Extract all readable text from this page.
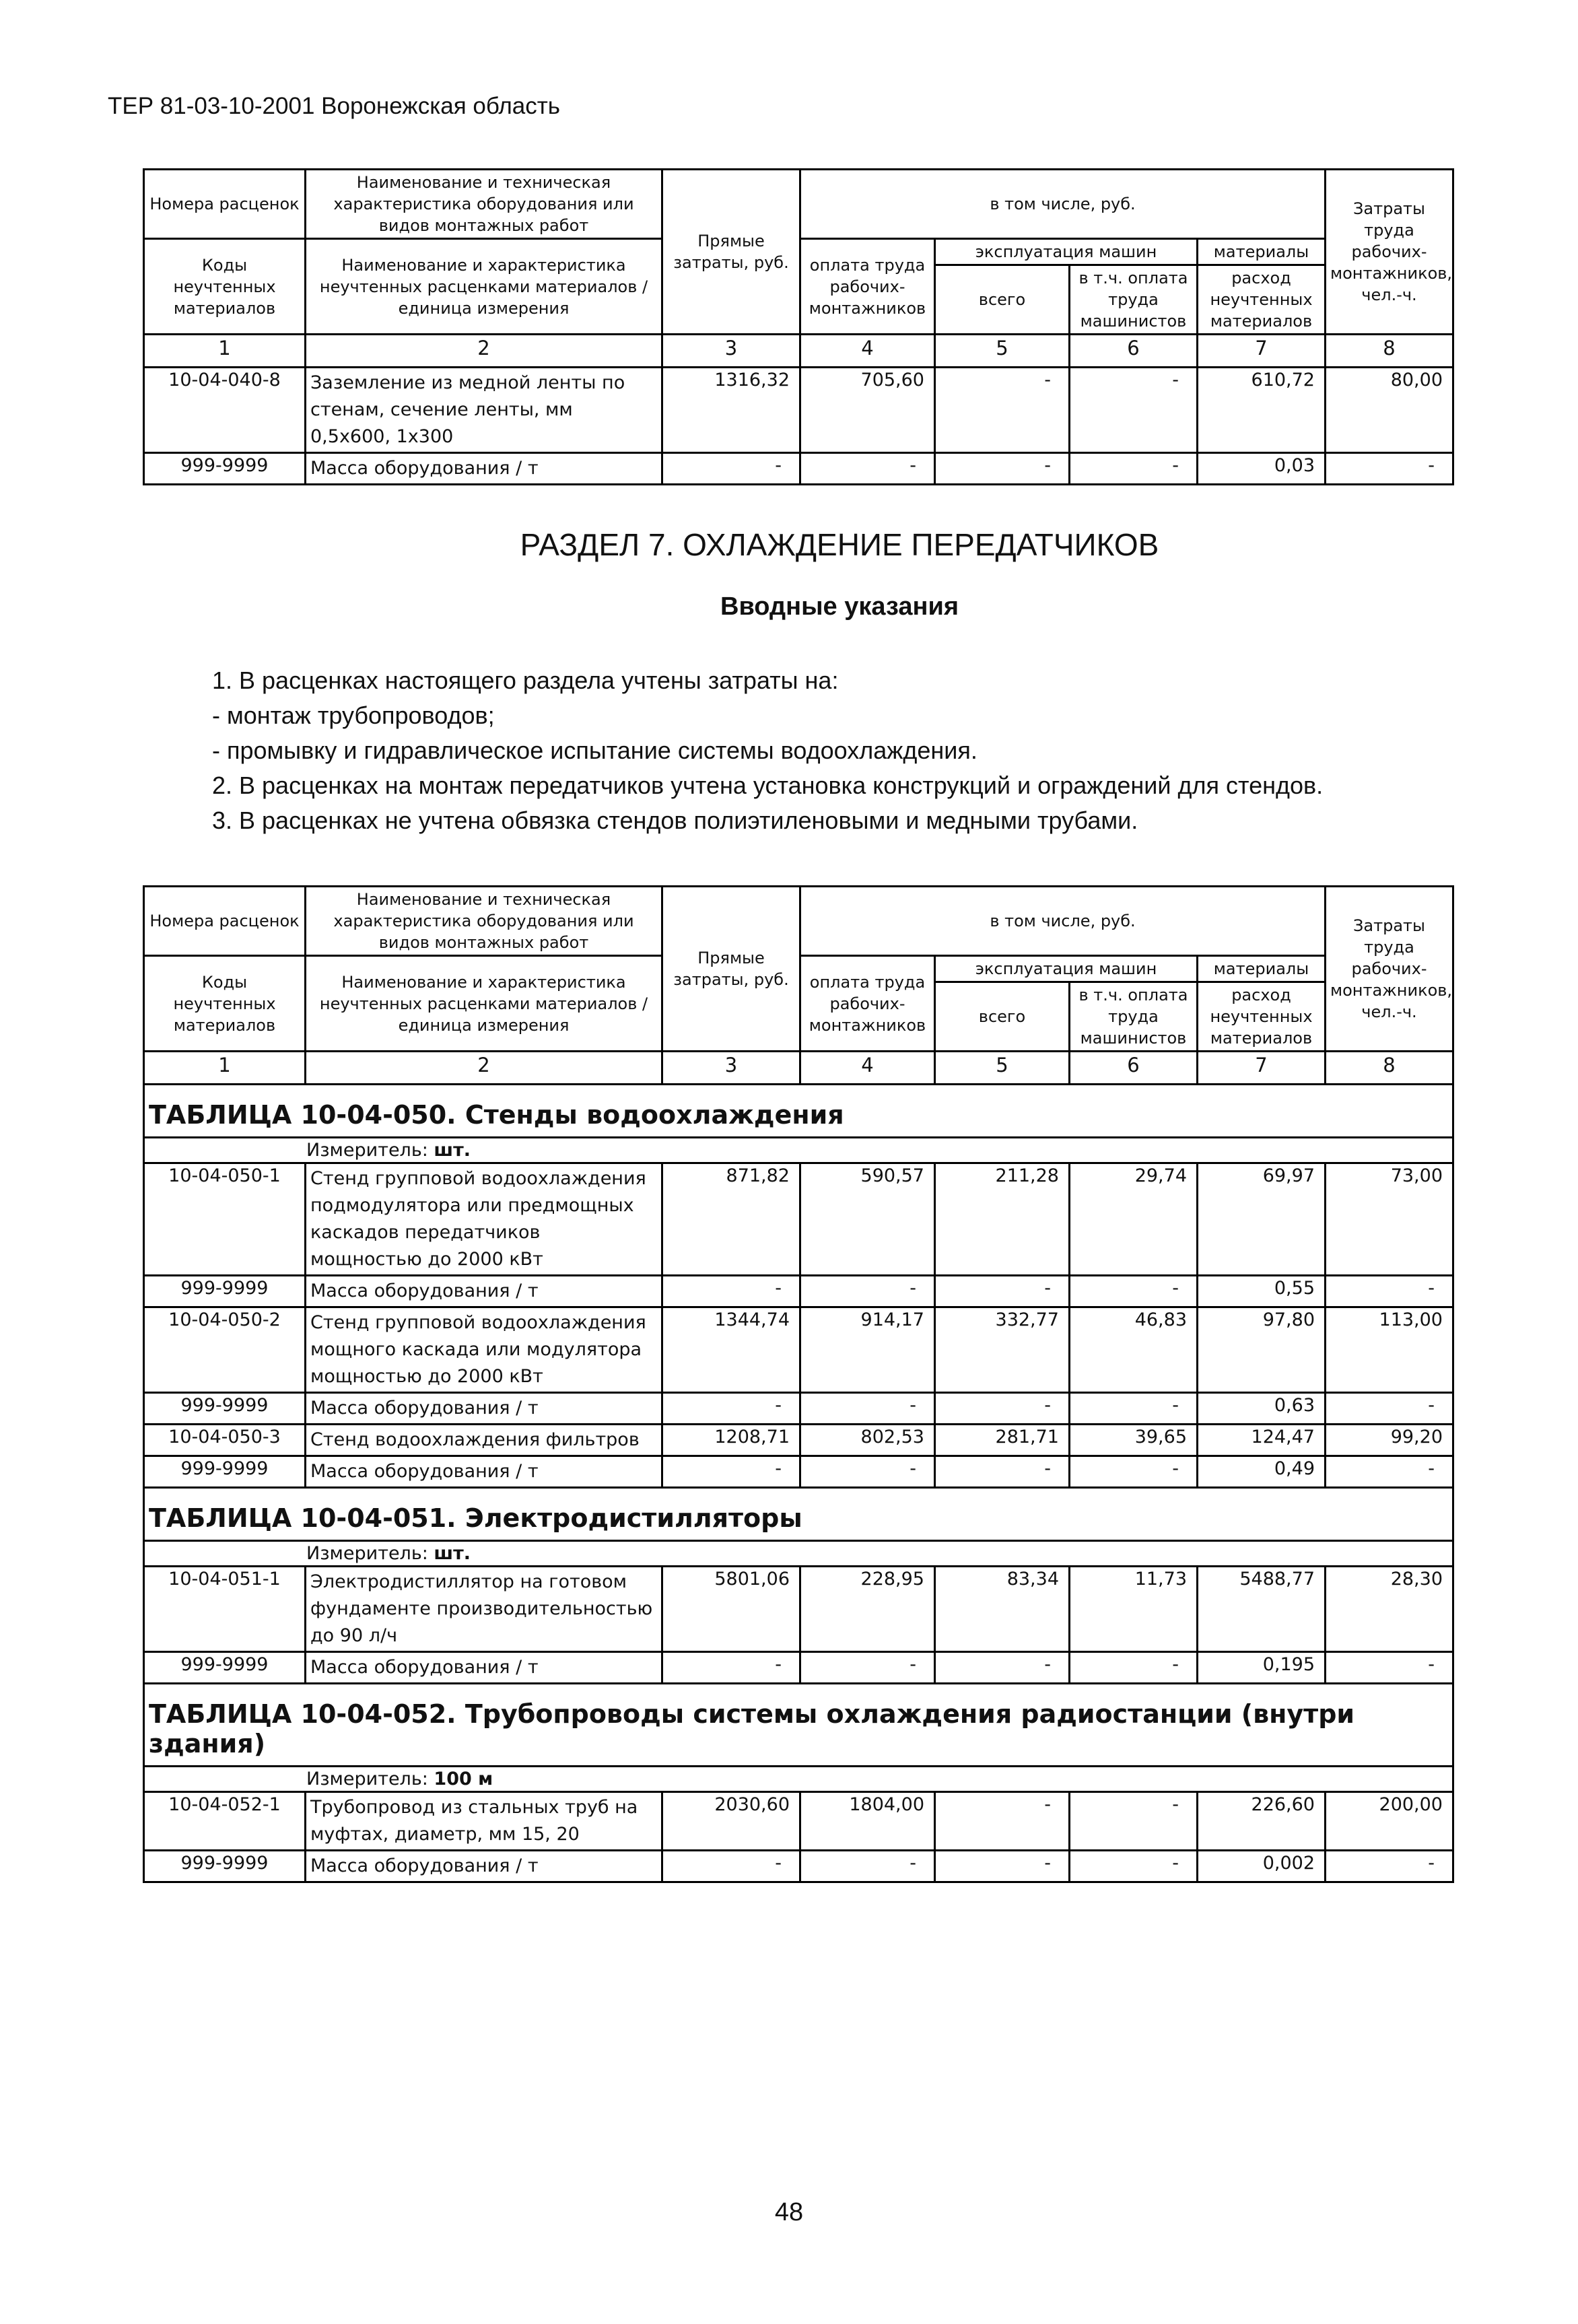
ТЕР 81-03-10-2001 Воронежская область
Номера расценок	Наименование и техническая характеристика оборудования или видов монтажных работ	Прямые затраты, руб.	в том числе, руб.				Затраты труда рабочих-монтажников, чел.-ч.
Коды неучтенных материалов	Наименование и характеристика неучтенных расценками материалов / единица измерения		оплата труда рабочих-монтажников	эксплуатация машин		материалы	
				всего	в т.ч. оплата труда машинистов	расход неучтенных материалов	
1	2	3	4	5	6	7	8
10-04-040-8	Заземление из медной ленты по стенам, сечение ленты, мм 0,5х600, 1х300	1316,32	705,60	-	-	610,72	80,00
999-9999	Масса оборудования / т	-	-	-	-	0,03	-
РАЗДЕЛ 7. ОХЛАЖДЕНИЕ ПЕРЕДАТЧИКОВ
Вводные указания

1. В расценках настоящего раздела учтены затраты на:

- монтаж трубопроводов;

- промывку и гидравлическое испытание системы водоохлаждения.

2. В расценках на монтаж передатчиков учтена установка конструкций и ограждений для стендов.

3. В расценках не учтена обвязка стендов полиэтиленовыми и медными трубами.

Номера расценок	Наименование и техническая характеристика оборудования или видов монтажных работ	Прямые затраты, руб.	в том числе, руб.				Затраты труда рабочих-монтажников, чел.-ч.
Коды неучтенных материалов	Наименование и характеристика неучтенных расценками материалов / единица измерения		оплата труда рабочих-монтажников	эксплуатация машин		материалы	
				всего	в т.ч. оплата труда машинистов	расход неучтенных материалов	
1	2	3	4	5	6	7	8
ТАБЛИЦА 10-04-050. Стенды водоохлаждения							
Измеритель: шт.							
10-04-050-1	Стенд групповой водоохлаждения подмодулятора или предмощных каскадов передатчиков мощностью до 2000 кВт	871,82	590,57	211,28	29,74	69,97	73,00
999-9999	Масса оборудования / т	-	-	-	-	0,55	-
10-04-050-2	Стенд групповой водоохлаждения мощного каскада или модулятора мощностью до 2000 кВт	1344,74	914,17	332,77	46,83	97,80	113,00
999-9999	Масса оборудования / т	-	-	-	-	0,63	-
10-04-050-3	Стенд водоохлаждения фильтров	1208,71	802,53	281,71	39,65	124,47	99,20
999-9999	Масса оборудования / т	-	-	-	-	0,49	-
ТАБЛИЦА 10-04-051. Электродистилляторы							
Измеритель: шт.							
10-04-051-1	Электродистиллятор на готовом фундаменте производительностью до 90 л/ч	5801,06	228,95	83,34	11,73	5488,77	28,30
999-9999	Масса оборудования / т	-	-	-	-	0,195	-
ТАБЛИЦА 10-04-052. Трубопроводы системы охлаждения радиостанции (внутри здания)							
Измеритель: 100 м							
10-04-052-1	Трубопровод из стальных труб на муфтах, диаметр, мм 15, 20	2030,60	1804,00	-	-	226,60	200,00
999-9999	Масса оборудования / т	-	-	-	-	0,002	-
48
